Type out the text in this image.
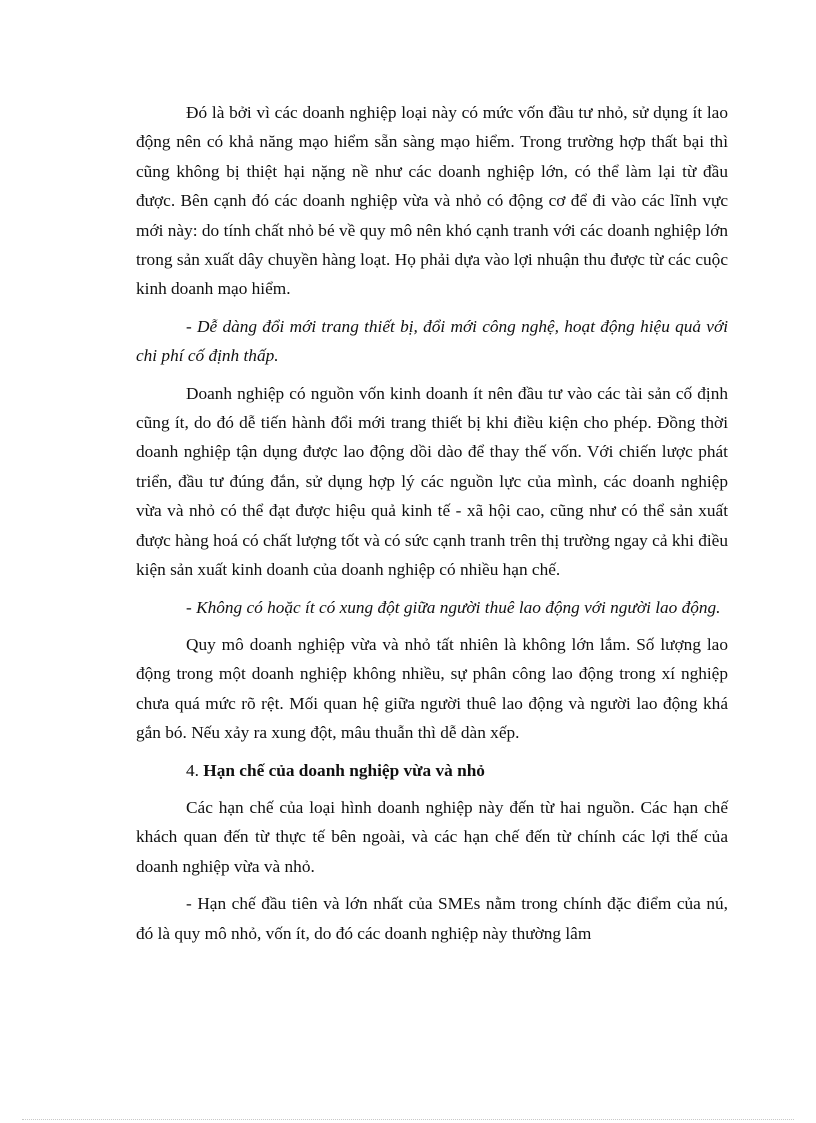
Đó là bởi vì các doanh nghiệp loại này có mức vốn đầu tư nhỏ, sử dụng ít lao động nên có khả năng mạo hiểm sẵn sàng mạo hiểm. Trong trường hợp thất bại thì cũng không bị thiệt hại nặng nề như các doanh nghiệp lớn, có thể làm lại từ đầu được. Bên cạnh đó các doanh nghiệp vừa và nhỏ có động cơ để đi vào các lĩnh vực mới này: do tính chất nhỏ bé về quy mô nên khó cạnh tranh với các doanh nghiệp lớn trong sản xuất dây chuyền hàng loạt. Họ phải dựa vào lợi nhuận thu được từ các cuộc kinh doanh mạo hiểm.

- Dễ dàng đổi mới trang thiết bị, đổi mới công nghệ, hoạt động hiệu quả với chi phí cố định thấp.

Doanh nghiệp có nguồn vốn kinh doanh ít nên đầu tư vào các tài sản cố định cũng ít, do đó dễ tiến hành đổi mới trang thiết bị khi điều kiện cho phép. Đồng thời doanh nghiệp tận dụng được lao động dồi dào để thay thế vốn. Với chiến lược phát triển, đầu tư đúng đắn, sử dụng hợp lý các nguồn lực của mình, các doanh nghiệp vừa và nhỏ có thể đạt được hiệu quả kinh tế - xã hội cao, cũng như có thể sản xuất được hàng hoá có chất lượng tốt và có sức cạnh tranh trên thị trường ngay cả khi điều kiện sản xuất kinh doanh của doanh nghiệp có nhiều hạn chế.

- Không có hoặc ít có xung đột giữa người thuê lao động với người lao động.

Quy mô doanh nghiệp vừa và nhỏ tất nhiên là không lớn lắm. Số lượng lao động trong một doanh nghiệp không nhiều, sự phân công lao động trong xí nghiệp chưa quá mức rõ rệt. Mối quan hệ giữa người thuê lao động và người lao động khá gắn bó. Nếu xảy ra xung đột, mâu thuẫn thì dễ dàn xếp.

4. Hạn chế của doanh nghiệp vừa và nhỏ

Các hạn chế của loại hình doanh nghiệp này đến từ hai nguồn. Các hạn chế khách quan đến từ thực tế bên ngoài, và các hạn chế đến từ chính các lợi thế của doanh nghiệp vừa và nhỏ.

- Hạn chế đầu tiên và lớn nhất của SMEs nằm trong chính đặc điểm của nú, đó là quy mô nhỏ, vốn ít, do đó các doanh nghiệp này thường lâm
